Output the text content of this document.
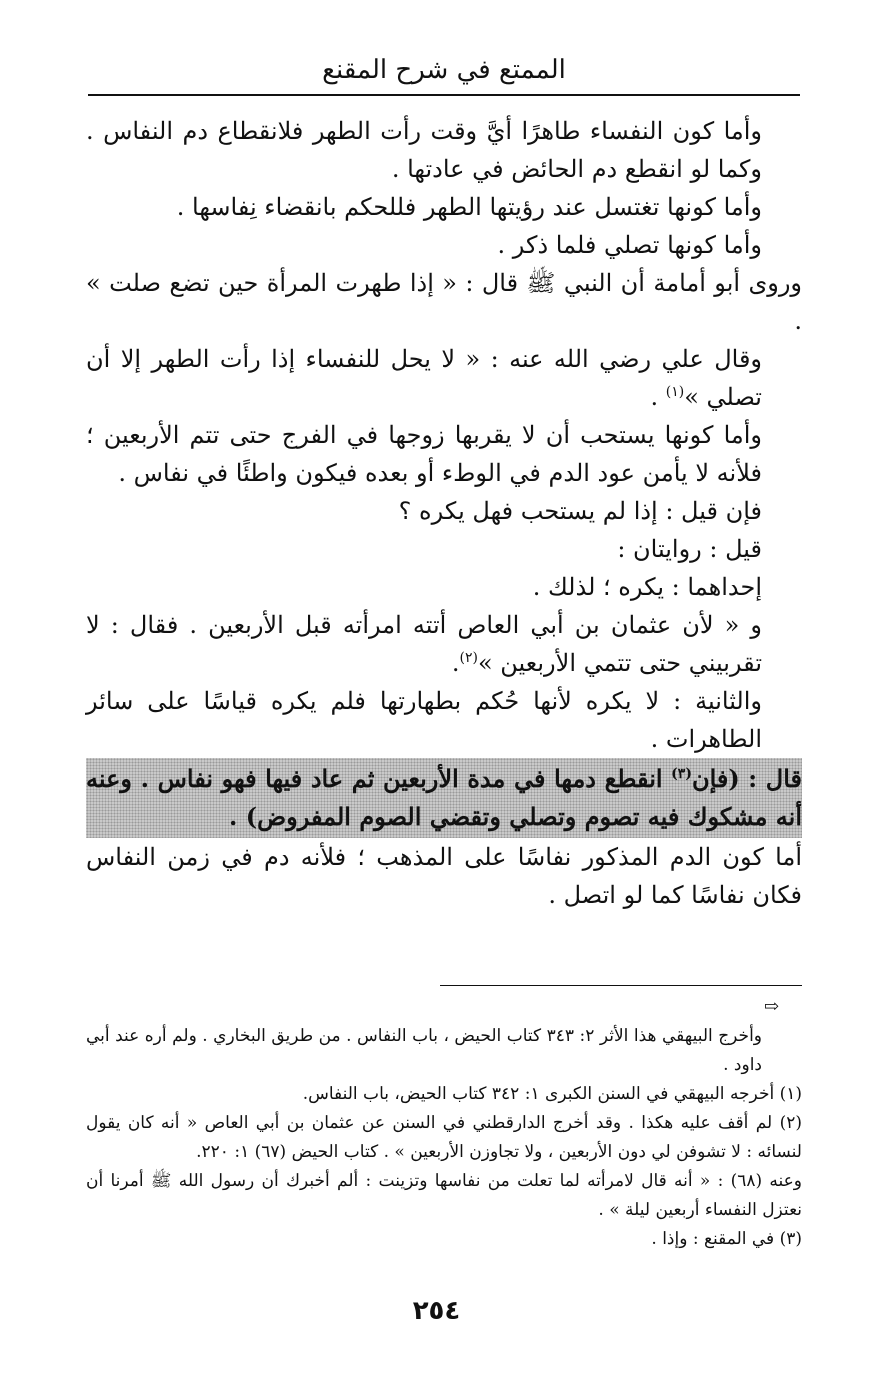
الممتع في شرح المقنع

وأما كون النفساء طاهرًا أيَّ وقت رأت الطهر فلانقطاع دم النفاس . وكما لو انقطع دم الحائض في عادتها .

وأما كونها تغتسل عند رؤيتها الطهر فللحكم بانقضاء نِفاسها .

وأما كونها تصلي فلما ذكر .

وروى أبو أمامة أن النبي ﷺ قال : « إذا طهرت المرأة حين تضع صلت » .

وقال علي رضي الله عنه : « لا يحل للنفساء إذا رأت الطهر إلا أن تصلي »$^{(١)}$ .

وأما كونها يستحب أن لا يقربها زوجها في الفرج حتى تتم الأربعين ؛ فلأنه لا يأمن عود الدم في الوطء أو بعده فيكون واطئًا في نفاس .

فإن قيل : إذا لم يستحب فهل يكره ؟

قيل : روايتان :

إحداهما : يكره ؛ لذلك .

و « لأن عثمان بن أبي العاص أتته امرأته قبل الأربعين . فقال : لا تقربيني حتى تتمي الأربعين »$^{(٢)}$.

والثانية : لا يكره لأنها حُكم بطهارتها فلم يكره قياسًا على سائر الطاهرات .

قال : (فإن$^{(٣)}$ انقطع دمها في مدة الأربعين ثم عاد فيها فهو نفاس . وعنه أنه مشكوك فيه تصوم وتصلي وتقضي الصوم المفروض) .

أما كون الدم المذكور نفاسًا على المذهب ؛ فلأنه دم في زمن النفاس فكان نفاسًا كما لو اتصل .

⇨

وأخرج البيهقي هذا الأثر ٢: ٣٤٣ كتاب الحيض ، باب النفاس . من طريق البخاري . ولم أره عند أبي داود .

(١) أخرجه البيهقي في السنن الكبرى ١: ٣٤٢ كتاب الحيض، باب النفاس.

(٢) لم أقف عليه هكذا . وقد أخرج الدارقطني في السنن عن عثمان بن أبي العاص « أنه كان يقول لنسائه : لا تشوفن لي دون الأربعين ، ولا تجاوزن الأربعين » . كتاب الحيض (٦٧) ١: ٢٢٠.

وعنه (٦٨) : « أنه قال لامرأته لما تعلت من نفاسها وتزينت : ألم أخبرك أن رسول الله ﷺ أمرنا أن نعتزل النفساء أربعين ليلة » .

(٣) في المقنع : وإذا .

٢٥٤
